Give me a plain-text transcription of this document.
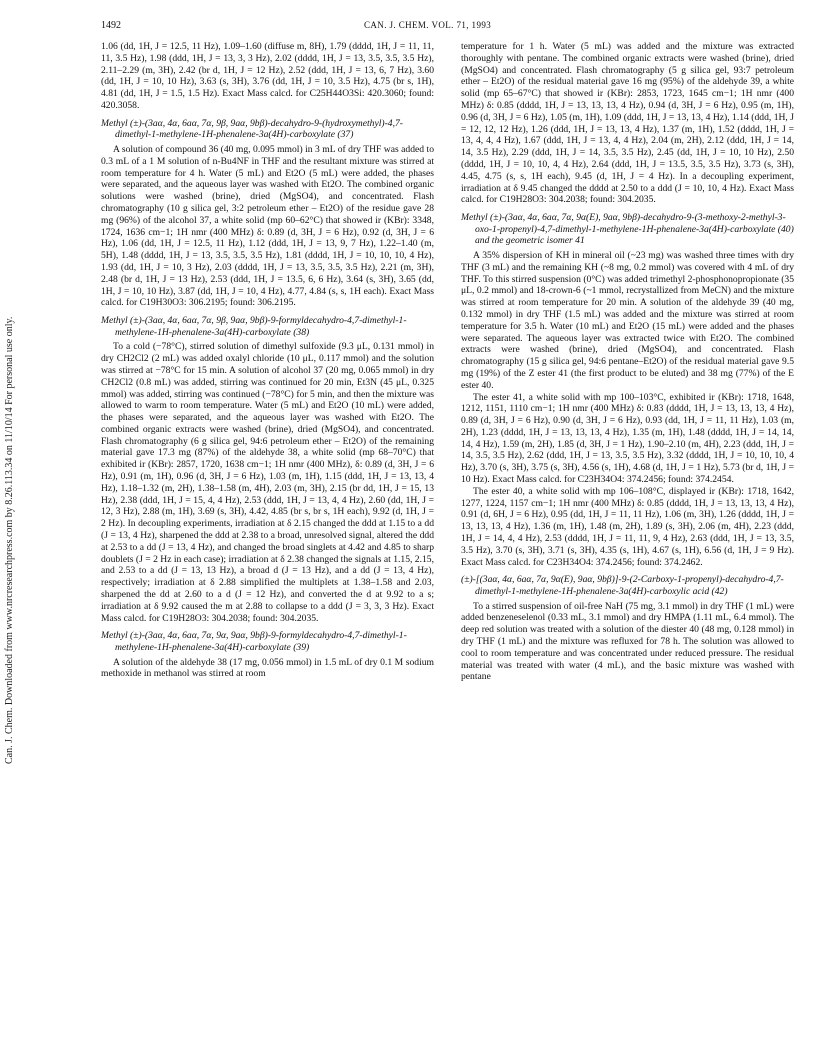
1492	CAN. J. CHEM. VOL. 71, 1993
Can. J. Chem. Downloaded from www.nrcresearchpress.com by 8.26.113.34 on 11/10/14 For personal use only.

1.06 (dd, 1H, J = 12.5, 11 Hz), 1.09–1.60 (diffuse m, 8H), 1.79 (dddd, 1H, J = 11, 11, 11, 3.5 Hz), 1.98 (ddd, 1H, J = 13, 3, 3 Hz), 2.02 (dddd, 1H, J = 13, 3.5, 3.5, 3.5 Hz), 2.11–2.29 (m, 3H), 2.42 (br d, 1H, J = 12 Hz), 2.52 (ddd, 1H, J = 13, 6, 7 Hz), 3.60 (dd, 1H, J = 10, 10 Hz), 3.63 (s, 3H), 3.76 (dd, 1H, J = 10, 3.5 Hz), 4.75 (br s, 1H), 4.81 (dd, 1H, J = 1.5, 1.5 Hz). Exact Mass calcd. for C25H44O3Si: 420.3060; found: 420.3058.

Methyl (±)-(3aα, 4α, 6aα, 7α, 9β, 9aα, 9bβ)-decahydro-9-(hydroxymethyl)-4,7-dimethyl-1-methylene-1H-phenalene-3a(4H)-carboxylate (37)

A solution of compound 36 (40 mg, 0.095 mmol) in 3 mL of dry THF was added to 0.3 mL of a 1 M solution of n-Bu4NF in THF and the resultant mixture was stirred at room temperature for 4 h. Water (5 mL) and Et2O (5 mL) were added, the phases were separated, and the aqueous layer was washed with Et2O. The combined organic solutions were washed (brine), dried (MgSO4), and concentrated. Flash chromatography (10 g silica gel, 3:2 petroleum ether – Et2O) of the residue gave 28 mg (96%) of the alcohol 37, a white solid (mp 60–62°C) that showed ir (KBr): 3348, 1724, 1636 cm−1; 1H nmr (400 MHz) δ: 0.89 (d, 3H, J = 6 Hz), 0.92 (d, 3H, J = 6 Hz), 1.06 (dd, 1H, J = 12.5, 11 Hz), 1.12 (ddd, 1H, J = 13, 9, 7 Hz), 1.22–1.40 (m, 5H), 1.48 (dddd, 1H, J = 13, 3.5, 3.5, 3.5 Hz), 1.81 (dddd, 1H, J = 10, 10, 10, 4 Hz), 1.93 (dd, 1H, J = 10, 3 Hz), 2.03 (dddd, 1H, J = 13, 3.5, 3.5, 3.5 Hz), 2.21 (m, 3H), 2.48 (br d, 1H, J = 13 Hz), 2.53 (ddd, 1H, J = 13.5, 6, 6 Hz), 3.64 (s, 3H), 3.65 (dd, 1H, J = 10, 10 Hz), 3.87 (dd, 1H, J = 10, 4 Hz), 4.77, 4.84 (s, s, 1H each). Exact Mass calcd. for C19H30O3: 306.2195; found: 306.2195.

Methyl (±)-(3aα, 4α, 6aα, 7α, 9β, 9aα, 9bβ)-9-formyldecahydro-4,7-dimethyl-1-methylene-1H-phenalene-3a(4H)-carboxylate (38)

To a cold (−78°C), stirred solution of dimethyl sulfoxide (9.3 μL, 0.131 mmol) in dry CH2Cl2 (2 mL) was added oxalyl chloride (10 μL, 0.117 mmol) and the solution was stirred at −78°C for 15 min. A solution of alcohol 37 (20 mg, 0.065 mmol) in dry CH2Cl2 (0.8 mL) was added, stirring was continued for 20 min, Et3N (45 μL, 0.325 mmol) was added, stirring was continued (−78°C) for 5 min, and then the mixture was allowed to warm to room temperature. Water (5 mL) and Et2O (10 mL) were added, the phases were separated, and the aqueous layer was washed with Et2O. The combined organic extracts were washed (brine), dried (MgSO4), and concentrated. Flash chromatography (6 g silica gel, 94:6 petroleum ether – Et2O) of the remaining material gave 17.3 mg (87%) of the aldehyde 38, a white solid (mp 68–70°C) that exhibited ir (KBr): 2857, 1720, 1638 cm−1; 1H nmr (400 MHz), δ: 0.89 (d, 3H, J = 6 Hz), 0.91 (m, 1H), 0.96 (d, 3H, J = 6 Hz), 1.03 (m, 1H), 1.15 (ddd, 1H, J = 13, 13, 4 Hz), 1.18–1.32 (m, 2H), 1.38–1.58 (m, 4H), 2.03 (m, 3H), 2.15 (br dd, 1H, J = 15, 13 Hz), 2.38 (ddd, 1H, J = 15, 4, 4 Hz), 2.53 (ddd, 1H, J = 13, 4, 4 Hz), 2.60 (dd, 1H, J = 12, 3 Hz), 2.88 (m, 1H), 3.69 (s, 3H), 4.42, 4.85 (br s, br s, 1H each), 9.92 (d, 1H, J = 2 Hz). In decoupling experiments, irradiation at δ 2.15 changed the ddd at 1.15 to a dd (J = 13, 4 Hz), sharpened the ddd at 2.38 to a broad, unresolved signal, altered the ddd at 2.53 to a dd (J = 13, 4 Hz), and changed the broad singlets at 4.42 and 4.85 to sharp doublets (J = 2 Hz in each case); irradiation at δ 2.38 changed the signals at 1.15, 2.15, and 2.53 to a dd (J = 13, 13 Hz), a broad d (J = 13 Hz), and a dd (J = 13, 4 Hz), respectively; irradiation at δ 2.88 simplified the multiplets at 1.38–1.58 and 2.03, sharpened the dd at 2.60 to a d (J = 12 Hz), and converted the d at 9.92 to a s; irradiation at δ 9.92 caused the m at 2.88 to collapse to a ddd (J = 3, 3, 3 Hz). Exact Mass calcd. for C19H28O3: 304.2038; found: 304.2035.

Methyl (±)-(3aα, 4α, 6aα, 7α, 9α, 9aα, 9bβ)-9-formyldecahydro-4,7-dimethyl-1-methylene-1H-phenalene-3a(4H)-carboxylate (39)

A solution of the aldehyde 38 (17 mg, 0.056 mmol) in 1.5 mL of dry 0.1 M sodium methoxide in methanol was stirred at room

temperature for 1 h. Water (5 mL) was added and the mixture was extracted thoroughly with pentane. The combined organic extracts were washed (brine), dried (MgSO4) and concentrated. Flash chromatography (5 g silica gel, 93:7 petroleum ether – Et2O) of the residual material gave 16 mg (95%) of the aldehyde 39, a white solid (mp 65–67°C) that showed ir (KBr): 2853, 1723, 1645 cm−1; 1H nmr (400 MHz) δ: 0.85 (dddd, 1H, J = 13, 13, 13, 4 Hz), 0.94 (d, 3H, J = 6 Hz), 0.95 (m, 1H), 0.96 (d, 3H, J = 6 Hz), 1.05 (m, 1H), 1.09 (ddd, 1H, J = 13, 13, 4 Hz), 1.14 (ddd, 1H, J = 12, 12, 12 Hz), 1.26 (ddd, 1H, J = 13, 13, 4 Hz), 1.37 (m, 1H), 1.52 (dddd, 1H, J = 13, 4, 4, 4 Hz), 1.67 (ddd, 1H, J = 13, 4, 4 Hz), 2.04 (m, 2H), 2.12 (ddd, 1H, J = 14, 14, 3.5 Hz), 2.29 (ddd, 1H, J = 14, 3.5, 3.5 Hz), 2.45 (dd, 1H, J = 10, 10 Hz), 2.50 (dddd, 1H, J = 10, 10, 4, 4 Hz), 2.64 (ddd, 1H, J = 13.5, 3.5, 3.5 Hz), 3.73 (s, 3H), 4.45, 4.75 (s, s, 1H each), 9.45 (d, 1H, J = 4 Hz). In a decoupling experiment, irradiation at δ 9.45 changed the dddd at 2.50 to a ddd (J = 10, 10, 4 Hz). Exact Mass calcd. for C19H28O3: 304.2038; found: 304.2035.

Methyl (±)-(3aα, 4α, 6aα, 7α, 9α(E), 9aα, 9bβ)-decahydro-9-(3-methoxy-2-methyl-3-oxo-1-propenyl)-4,7-dimethyl-1-methylene-1H-phenalene-3a(4H)-carboxylate (40) and the geometric isomer 41

A 35% dispersion of KH in mineral oil (~23 mg) was washed three times with dry THF (3 mL) and the remaining KH (~8 mg, 0.2 mmol) was covered with 4 mL of dry THF. To this stirred suspension (0°C) was added trimethyl 2-phosphonopropionate (35 μL, 0.2 mmol) and 18-crown-6 (~1 mmol, recrystallized from MeCN) and the mixture was stirred at room temperature for 20 min. A solution of the aldehyde 39 (40 mg, 0.132 mmol) in dry THF (1.5 mL) was added and the mixture was stirred at room temperature for 3.5 h. Water (10 mL) and Et2O (15 mL) were added and the phases were separated. The aqueous layer was extracted twice with Et2O. The combined extracts were washed (brine), dried (MgSO4), and concentrated. Flash chromatography (15 g silica gel, 94:6 pentane–Et2O) of the residual material gave 9.5 mg (19%) of the Z ester 41 (the first product to be eluted) and 38 mg (77%) of the E ester 40.

The ester 41, a white solid with mp 100–103°C, exhibited ir (KBr): 1718, 1648, 1212, 1151, 1110 cm−1; 1H nmr (400 MHz) δ: 0.83 (dddd, 1H, J = 13, 13, 13, 4 Hz), 0.89 (d, 3H, J = 6 Hz), 0.90 (d, 3H, J = 6 Hz), 0.93 (dd, 1H, J = 11, 11 Hz), 1.03 (m, 2H), 1.23 (dddd, 1H, J = 13, 13, 13, 4 Hz), 1.35 (m, 1H), 1.48 (dddd, 1H, J = 14, 14, 14, 4 Hz), 1.59 (m, 2H), 1.85 (d, 3H, J = 1 Hz), 1.90–2.10 (m, 4H), 2.23 (ddd, 1H, J = 14, 3.5, 3.5 Hz), 2.62 (ddd, 1H, J = 13, 3.5, 3.5 Hz), 3.32 (dddd, 1H, J = 10, 10, 10, 4 Hz), 3.70 (s, 3H), 3.75 (s, 3H), 4.56 (s, 1H), 4.68 (d, 1H, J = 1 Hz), 5.73 (br d, 1H, J = 10 Hz). Exact Mass calcd. for C23H34O4: 374.2456; found: 374.2454.

The ester 40, a white solid with mp 106–108°C, displayed ir (KBr): 1718, 1642, 1277, 1224, 1157 cm−1; 1H nmr (400 MHz) δ: 0.85 (dddd, 1H, J = 13, 13, 13, 4 Hz), 0.91 (d, 6H, J = 6 Hz), 0.95 (dd, 1H, J = 11, 11 Hz), 1.06 (m, 3H), 1.26 (dddd, 1H, J = 13, 13, 13, 4 Hz), 1.36 (m, 1H), 1.48 (m, 2H), 1.89 (s, 3H), 2.06 (m, 4H), 2.23 (ddd, 1H, J = 14, 4, 4 Hz), 2.53 (dddd, 1H, J = 11, 11, 9, 4 Hz), 2.63 (ddd, 1H, J = 13, 3.5, 3.5 Hz), 3.70 (s, 3H), 3.71 (s, 3H), 4.35 (s, 1H), 4.67 (s, 1H), 6.56 (d, 1H, J = 9 Hz). Exact Mass calcd. for C23H34O4: 374.2456; found: 374.2462.

(±)-[(3aα, 4α, 6aα, 7α, 9α(E), 9aα, 9bβ)]-9-(2-Carboxy-1-propenyl)-decahydro-4,7-dimethyl-1-methylene-1H-phenalene-3a(4H)-carboxylic acid (42)

To a stirred suspension of oil-free NaH (75 mg, 3.1 mmol) in dry THF (1 mL) were added benzeneselenol (0.33 mL, 3.1 mmol) and dry HMPA (1.11 mL, 6.4 mmol). The deep red solution was treated with a solution of the diester 40 (48 mg, 0.128 mmol) in dry THF (1 mL) and the mixture was refluxed for 78 h. The solution was allowed to cool to room temperature and was concentrated under reduced pressure. The residual material was treated with water (4 mL), and the basic mixture was washed with pentane
